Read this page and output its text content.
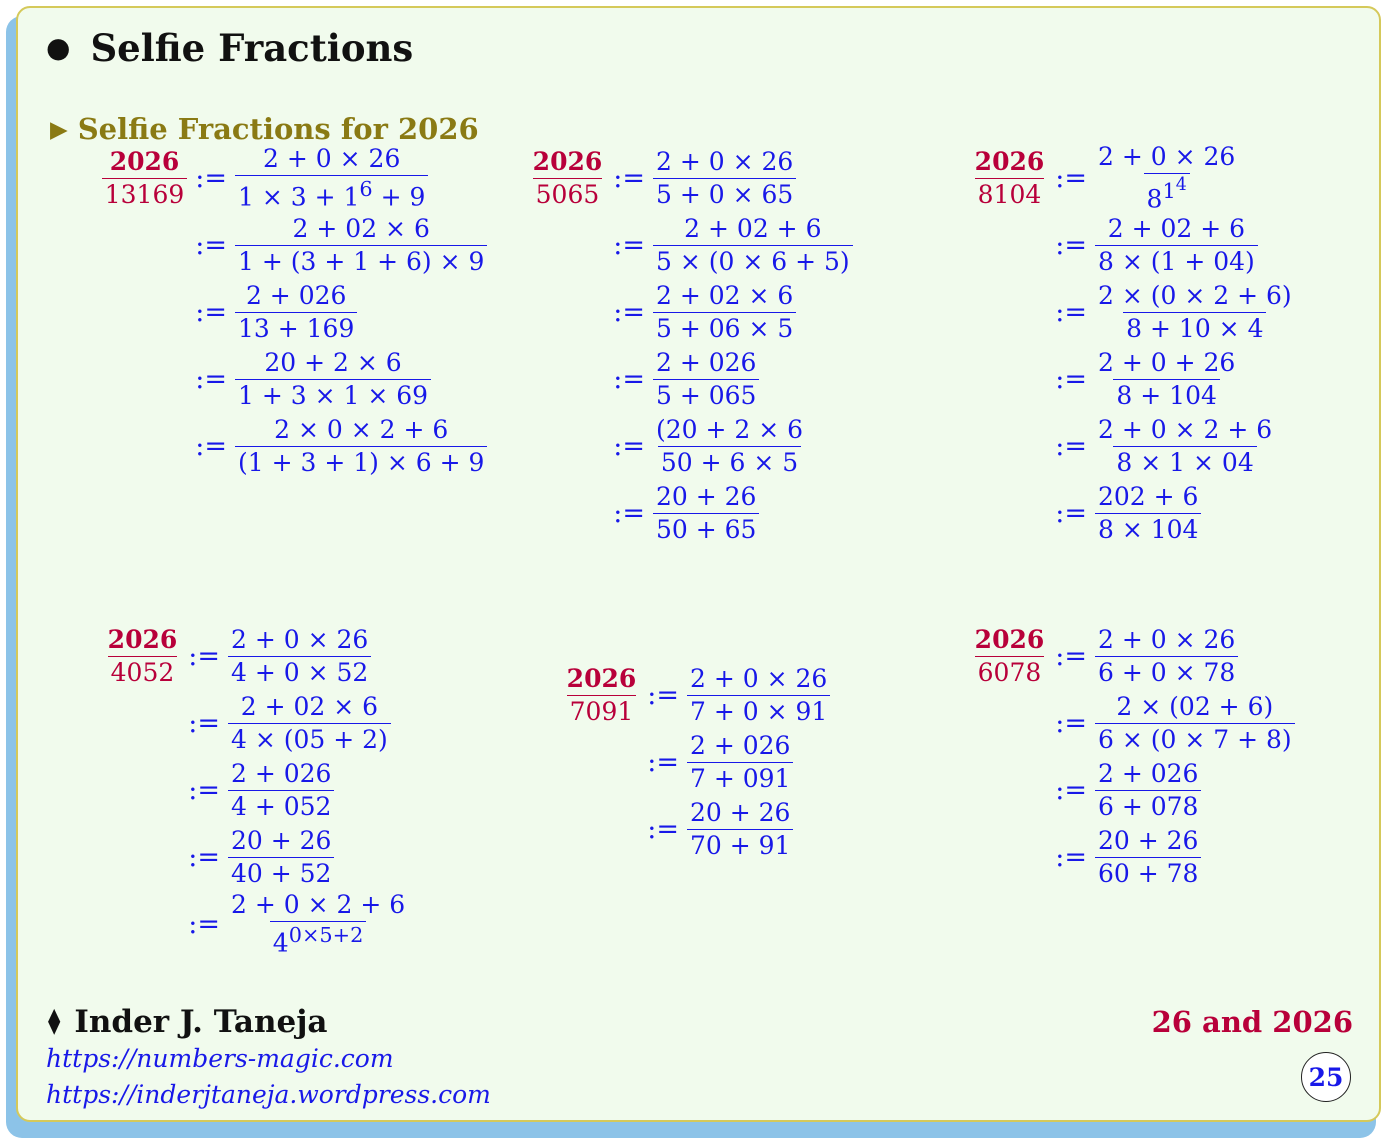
● Selfie Fractions
▶ Selfie Fractions for 2026
$\frac{2026}{13169}$ := $\frac{2 + 0 \times 26}{1 \times 3 + 1^6 + 9}$
:= $\frac{2 + 02 \times 6}{1 + (3 + 1 + 6) \times 9}$
:= $\frac{2 + 026}{13 + 169}$
:= $\frac{20 + 2 \times 6}{1 + 3 \times 1 \times 69}$
:= $\frac{2 \times 0 \times 2 + 6}{(1 + 3 + 1) \times 6 + 9}$
$\frac{2026}{5065}$ := $\frac{2 + 0 \times 26}{5 + 0 \times 65}$
:= $\frac{2 + 02 + 6}{5 \times (0 \times 6 + 5)}$
:= $\frac{2 + 02 \times 6}{5 + 06 \times 5}$
:= $\frac{2 + 026}{5 + 065}$
:= $\frac{(20 + 2 \times 6}{50 + 6 \times 5}$
:= $\frac{20 + 26}{50 + 65}$
$\frac{2026}{8104}$ := $\frac{2 + 0 \times 26}{8^{1^4}}$
:= $\frac{2 + 02 + 6}{8 \times (1 + 04)}$
:= $\frac{2 \times (0 \times 2 + 6)}{8 + 10 \times 4}$
:= $\frac{2 + 0 + 26}{8 + 104}$
:= $\frac{2 + 0 \times 2 + 6}{8 \times 1 \times 04}$
:= $\frac{202 + 6}{8 \times 104}$
$\frac{2026}{4052}$ := $\frac{2 + 0 \times 26}{4 + 0 \times 52}$
:= $\frac{2 + 02 \times 6}{4 \times (05 + 2)}$
:= $\frac{2 + 026}{4 + 052}$
:= $\frac{20 + 26}{40 + 52}$
:= $\frac{2 + 0 \times 2 + 6}{4^{0\times 5+2}}$
$\frac{2026}{7091}$ := $\frac{2 + 0 \times 26}{7 + 0 \times 91}$
:= $\frac{2 + 026}{7 + 091}$
:= $\frac{20 + 26}{70 + 91}$
$\frac{2026}{6078}$ := $\frac{2 + 0 \times 26}{6 + 0 \times 78}$
:= $\frac{2 \times (02 + 6)}{6 \times (0 \times 7 + 8)}$
:= $\frac{2 + 026}{6 + 078}$
:= $\frac{20 + 26}{60 + 78}$
⧫ Inder J. Taneja
https://numbers-magic.com
https://inderjtaneja.wordpress.com
26 and 2026
25
